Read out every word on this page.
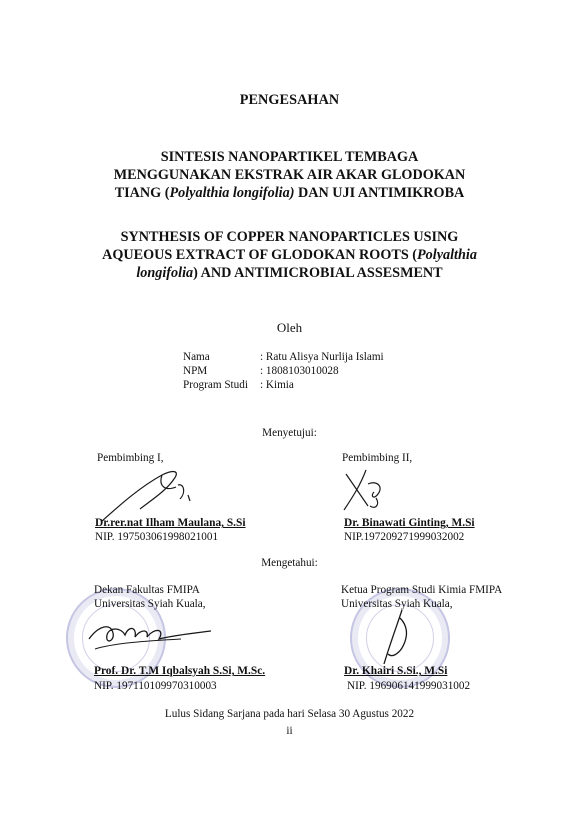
PENGESAHAN
SINTESIS NANOPARTIKEL TEMBAGA
MENGGUNAKAN EKSTRAK AIR AKAR GLODOKAN
TIANG (Polyalthia longifolia) DAN UJI ANTIMIKROBA
SYNTHESIS OF COPPER NANOPARTICLES USING
AQUEOUS EXTRACT OF GLODOKAN ROOTS (Polyalthia
longifolia) AND ANTIMICROBIAL ASSESMENT
Oleh
Nama	: Ratu Alisya Nurlija Islami
NPM	: 1808103010028
Program Studi	: Kimia
Menyetujui:
Pembimbing I,
Dr.rer.nat Ilham Maulana, S.Si
NIP. 197503061998021001
Pembimbing II,
Dr. Binawati Ginting, M.Si
NIP.197209271999032002
Mengetahui:
Dekan Fakultas FMIPA
Universitas Syiah Kuala,
Prof. Dr. T.M Iqbalsyah S.Si, M.Sc.
NIP. 197110109970310003
Ketua Program Studi Kimia FMIPA
Universitas Syiah Kuala,
Dr. Khairi S.Si., M.Si
NIP. 196906141999031002
Lulus Sidang Sarjana pada hari Selasa 30 Agustus 2022
ii
